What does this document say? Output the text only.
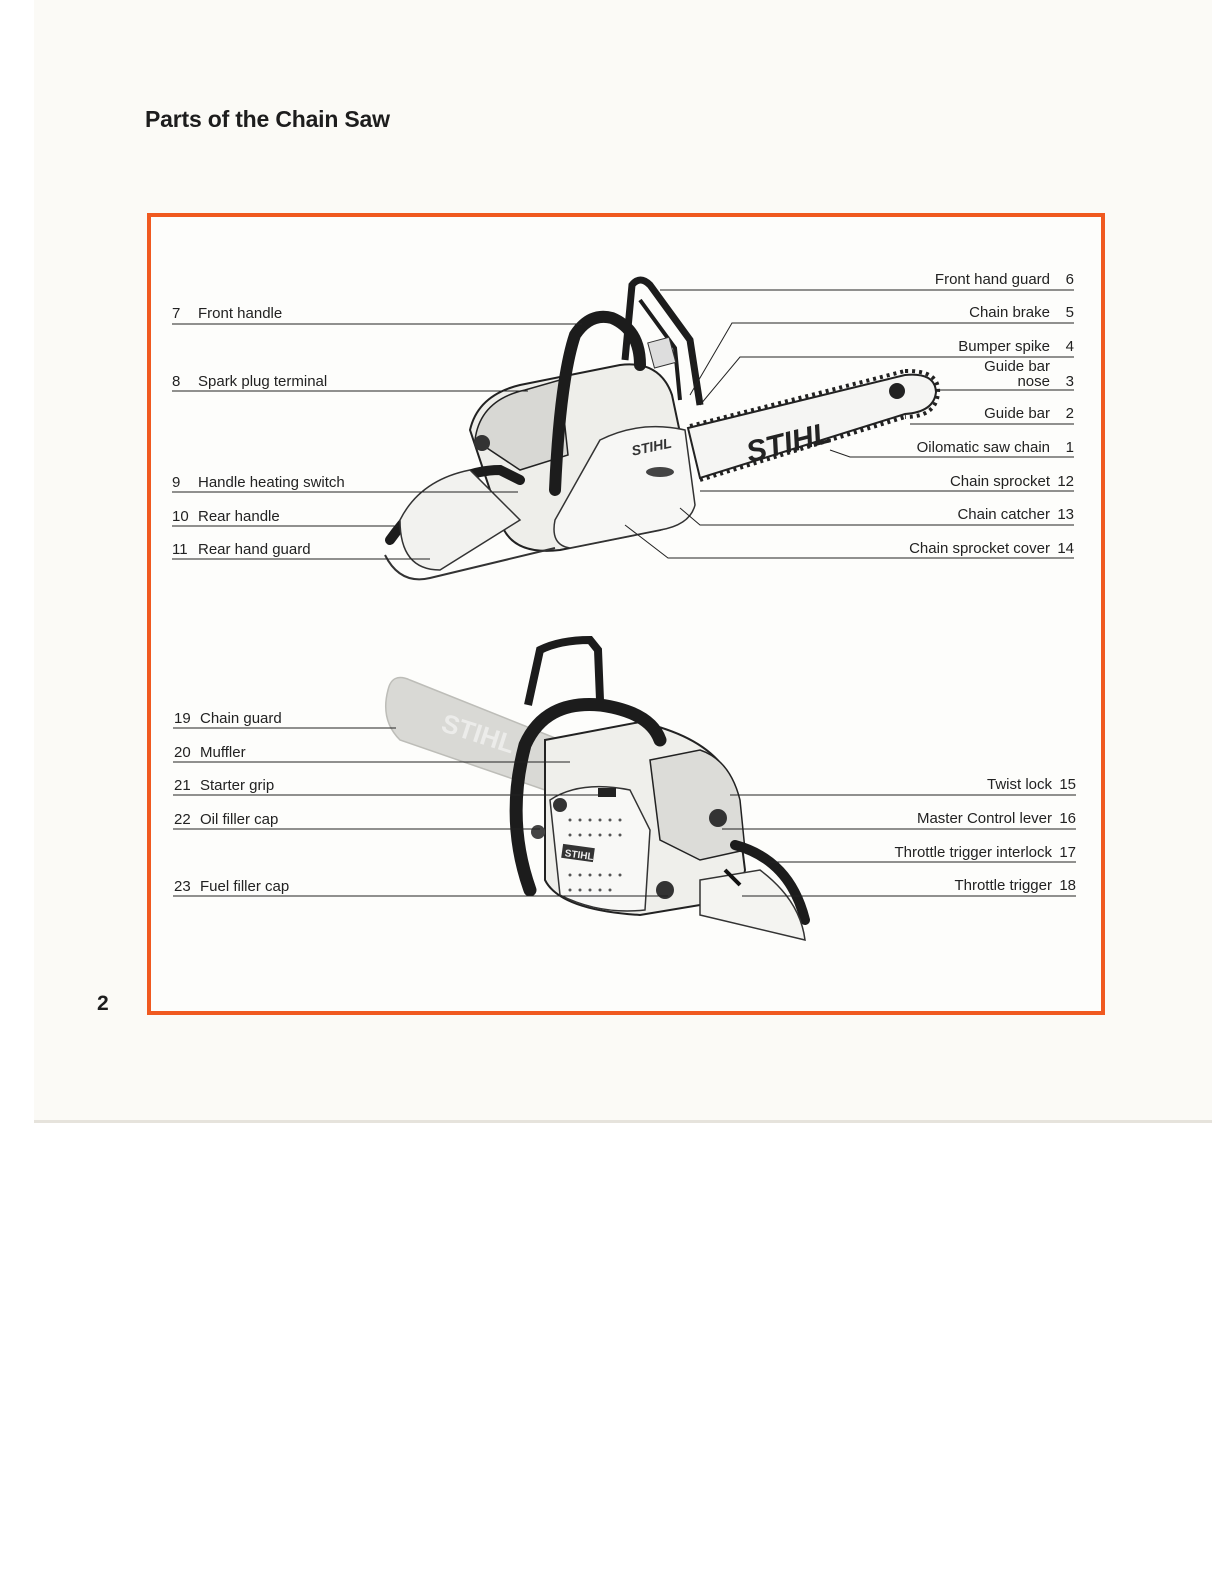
Parts of the Chain Saw
2
STIHL
STIHL
STIHL
STIHL
7 Front handle
8 Spark plug terminal
9 Handle heating switch
10 Rear handle
11 Rear hand guard
Front hand guard 6
Chain brake 5
Bumper spike 4
Guide bar
nose 3
Guide bar 2
Oilomatic saw chain 1
Chain sprocket 12
Chain catcher 13
Chain sprocket cover 14
19 Chain guard
20 Muffler
21 Starter grip
22 Oil filler cap
23 Fuel filler cap
Twist lock 15
Master Control lever 16
Throttle trigger interlock 17
Throttle trigger 18
